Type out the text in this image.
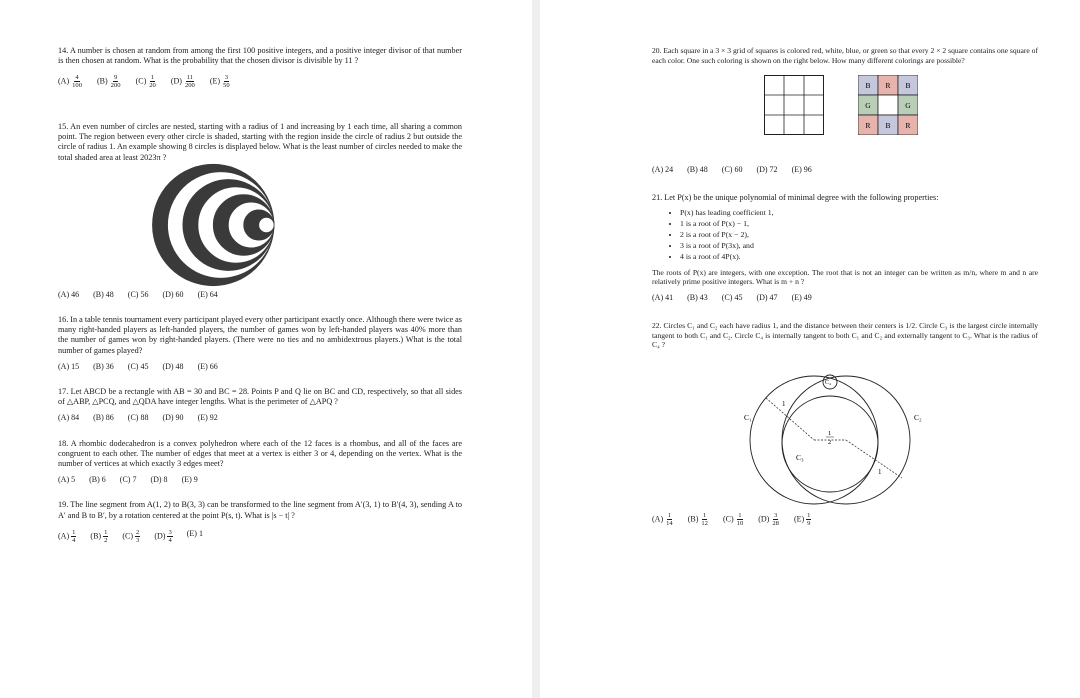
14. A number is chosen at random from among the first 100 positive integers, and a positive integer divisor of that number is then chosen at random. What is the probability that the chosen divisor is divisible by 11 ?

$(A) \frac{4}{100} (B) \frac{9}{200} (C) \frac{1}{20} (D) \frac{11}{200} (E) \frac{3}{50}$

15. An even number of circles are nested, starting with a radius of 1 and increasing by 1 each time, all sharing a common point. The region between every other circle is shaded, starting with the region inside the circle of radius 2 but outside the circle of radius 1. An example showing 8 circles is displayed below. What is the least number of circles needed to make the total shaded area at least 2023π ?

(A) 46 (B) 48 (C) 56 (D) 60 (E) 64

16. In a table tennis tournament every participant played every other participant exactly once. Although there were twice as many right-handed players as left-handed players, the number of games won by left-handed players was 40% more than the number of games won by right-handed players. (There were no ties and no ambidextrous players.) What is the total number of games played?

(A) 15 (B) 36 (C) 45 (D) 48 (E) 66

17. Let ABCD be a rectangle with AB = 30 and BC = 28. Points P and Q lie on BC and CD, respectively, so that all sides of △ABP, △PCQ, and △QDA have integer lengths. What is the perimeter of △APQ ?

(A) 84 (B) 86 (C) 88 (D) 90 (E) 92

18. A rhombic dodecahedron is a convex polyhedron where each of the 12 faces is a rhombus, and all of the faces are congruent to each other. The number of edges that meet at a vertex is either 3 or 4, depending on the vertex. What is the number of vertices at which exactly 3 edges meet?

(A) 5 (B) 6 (C) 7 (D) 8 (E) 9

19. The line segment from A(1, 2) to B(3, 3) can be transformed to the line segment from A′(3, 1) to B′(4, 3), sending A to A′ and B to B′, by a rotation centered at the point P(s, t). What is |s − t| ?

$(A) \frac{1}{4} (B) \frac{1}{2} (C) \frac{2}{3} (D) \frac{3}{4} (E)$ 1

20. Each square in a 3 × 3 grid of squares is colored red, white, blue, or green so that every 2 × 2 square contains one square of each color. One such coloring is shown on the right below. How many different colorings are possible?

B R B
G	G
R B R
(A) 24 (B) 48 (C) 60 (D) 72 (E) 96

21. Let P(x) be the unique polynomial of minimal degree with the following properties:

• P(x) has leading coefficient 1,
• 1 is a root of P(x) − 1,
• 2 is a root of P(x − 2),
• 3 is a root of P(3x), and
• 4 is a root of 4P(x).

The roots of P(x) are integers, with one exception. The root that is not an integer can be written as m/n, where m and n are relatively prime positive integers. What is m + n ?

(A) 41 (B) 43 (C) 45 (D) 47 (E) 49

22. Circles C₁ and C₂ each have radius 1, and the distance between their centers is 1/2. Circle C₃ is the largest circle internally tangent to both C₁ and C₂. Circle C₄ is internally tangent to both C₁ and C₂ and externally tangent to C₃. What is the radius of C₄ ?

C₁	C₂
C₃
C₄
1
1
1
2
$(A) \frac{1}{14} (B) \frac{1}{12} (C) \frac{1}{10} (D) \frac{3}{28} (E) \frac{1}{9}$
